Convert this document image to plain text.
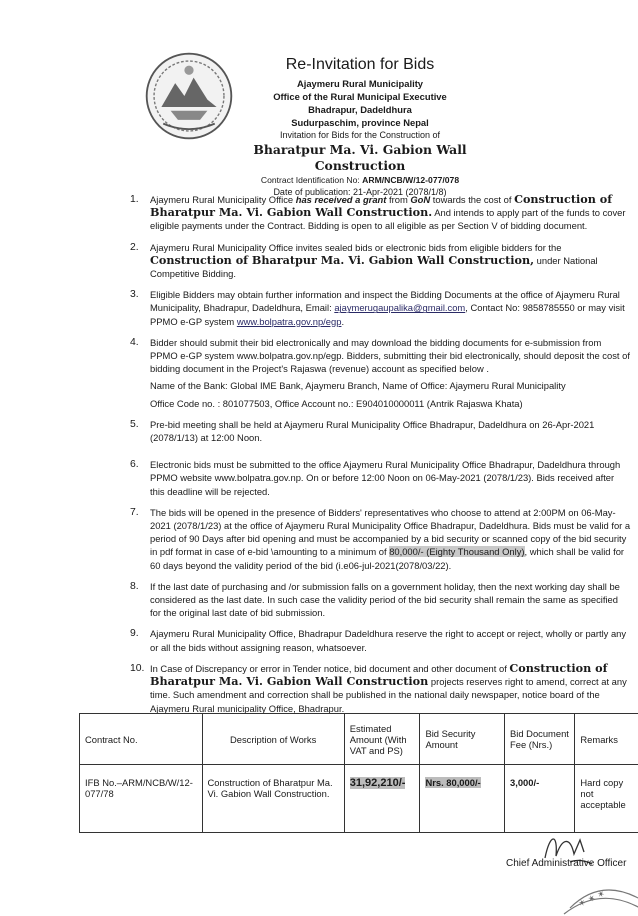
Re-Invitation for Bids
Ajaymeru Rural Municipality
Office of the Rural Municipal Executive
Bhadrapur, Dadeldhura
Sudurpaschim, province Nepal
Invitation for Bids for the Construction of
Bharatpur Ma. Vi. Gabion Wall Construction
Contract Identification No: ARM/NCB/W/12-077/078
Date of publication: 21-Apr-2021 (2078/1/8)
1. Ajaymeru Rural Municipality Office has received a grant from GoN towards the cost of Construction of Bharatpur Ma. Vi. Gabion Wall Construction. And intends to apply part of the funds to cover eligible payments under the Contract. Bidding is open to all eligible as per Section V of bidding document.
2. Ajaymeru Rural Municipality Office invites sealed bids or electronic bids from eligible bidders for the Construction of Bharatpur Ma. Vi. Gabion Wall Construction, under National Competitive Bidding.
3. Eligible Bidders may obtain further information and inspect the Bidding Documents at the office of Ajaymeru Rural Municipality, Bhadrapur, Dadeldhura, Email: ajaymerugaupalika@gmail.com, Contact No: 9858785550 or may visit PPMO e-GP system www.bolpatra.gov.np/egp.
4. Bidder should submit their bid electronically and may download the bidding documents for e-submission from PPMO e-GP system www.bolpatra.gov.np/egp. Bidders, submitting their bid electronically, should deposit the cost of bidding document in the Project's Rajaswa (revenue) account as specified below .
Name of the Bank: Global IME Bank, Ajaymeru Branch, Name of Office: Ajaymeru Rural Municipality
Office Code no. : 801077503, Office Account no.: E904010000011 (Antrik Rajaswa Khata)
5. Pre-bid meeting shall be held at Ajaymeru Rural Municipality Office Bhadrapur, Dadeldhura on 26-Apr-2021 (2078/1/13) at 12:00 Noon.
6. Electronic bids must be submitted to the office Ajaymeru Rural Municipality Office Bhadrapur, Dadeldhura through PPMO website www.bolpatra.gov.np. On or before 12:00 Noon on 06-May-2021 (2078/1/23). Bids received after this deadline will be rejected.
7. The bids will be opened in the presence of Bidders' representatives who choose to attend at 2:00PM on 06-May-2021 (2078/1/23) at the office of Ajaymeru Rural Municipality Office Bhadrapur, Dadeldhura. Bids must be valid for a period of 90 Days after bid opening and must be accompanied by a bid security or scanned copy of the bid security in pdf format in case of e-bid \amounting to a minimum of 80,000/- (Eighty Thousand Only), which shall be valid for 60 days beyond the validity period of the bid (i.e06-jul-2021(2078/03/22).
8. If the last date of purchasing and /or submission falls on a government holiday, then the next working day shall be considered as the last date. In such case the validity period of the bid security shall remain the same as specified for the original last date of bid submission.
9. Ajaymeru Rural Municipality Office, Bhadrapur Dadeldhura reserve the right to accept or reject, wholly or partly any or all the bids without assigning reason, whatsoever.
10. In Case of Discrepancy or error in Tender notice, bid document and other document of Construction of Bharatpur Ma. Vi. Gabion Wall Construction projects reserves right to amend, correct at any time. Such amendment and correction shall be published in the national daily newspaper, notice board of the Ajaymeru Rural municipality Office, Bhadrapur.
Contract No.	Description of Works	Estimated Amount (With VAT and PS)	Bid Security Amount	Bid Document Fee (Nrs.)	Remarks
IFB No.–ARM/NCB/W/12-077/78	Construction of Bharatpur Ma. Vi. Gabion Wall Construction.	31,92,210/-	Nrs. 80,000/-	3,000/-	Hard copy not acceptable
Chief Administrative Officer
✶ ✶ ✶
